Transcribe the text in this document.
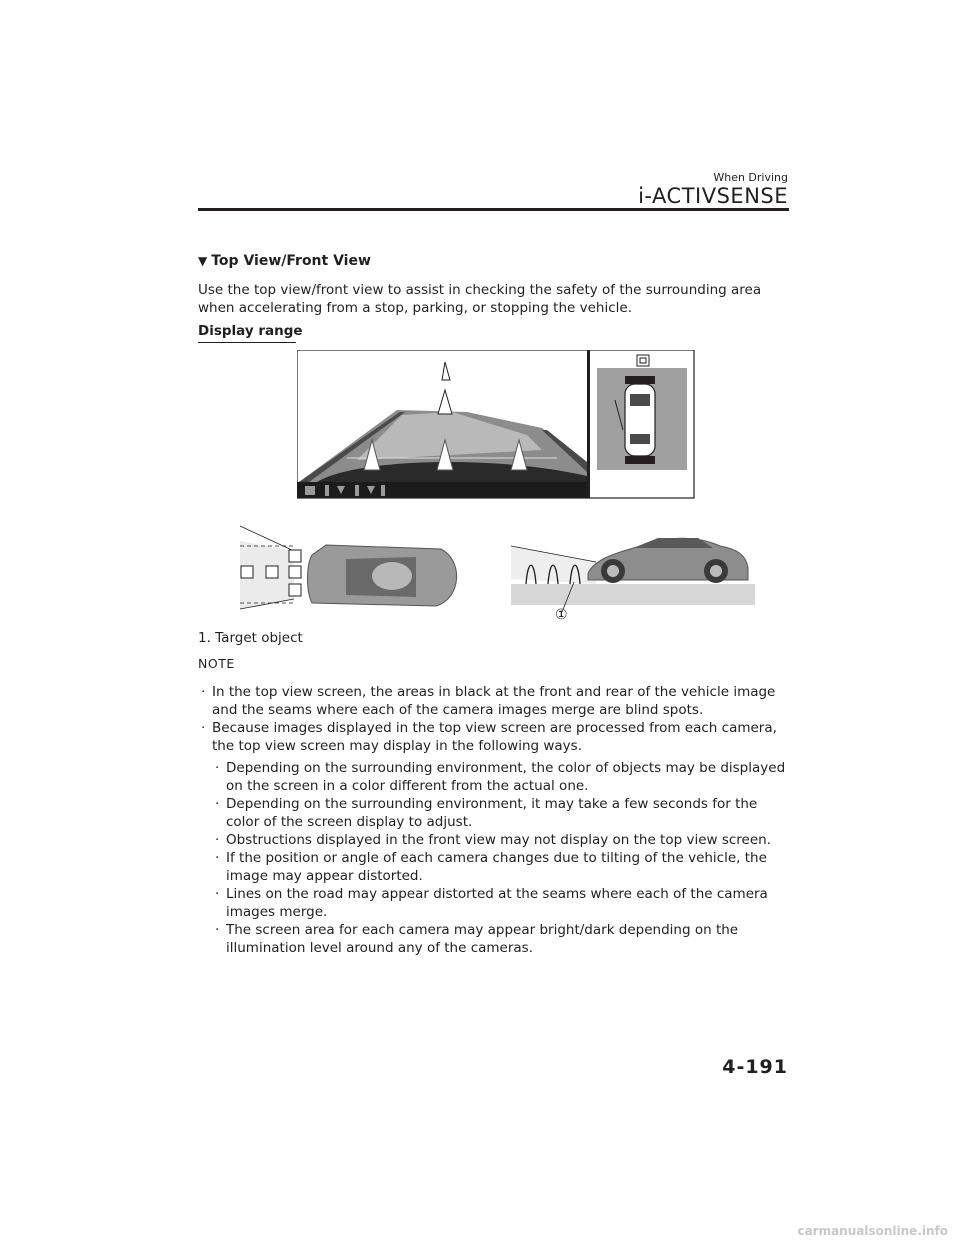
When Driving
i-ACTIVSENSE
▼ Top View/Front View
Use the top view/front view to assist in checking the safety of the surrounding area when accelerating from a stop, parking, or stopping the vehicle.
Display range
①
1. Target object
NOTE
· In the top view screen, the areas in black at the front and rear of the vehicle image and the seams where each of the camera images merge are blind spots.
· Because images displayed in the top view screen are processed from each camera, the top view screen may display in the following ways.
· Depending on the surrounding environment, the color of objects may be displayed on the screen in a color different from the actual one.
· Depending on the surrounding environment, it may take a few seconds for the color of the screen display to adjust.
· Obstructions displayed in the front view may not display on the top view screen.
· If the position or angle of each camera changes due to tilting of the vehicle, the image may appear distorted.
· Lines on the road may appear distorted at the seams where each of the camera images merge.
· The screen area for each camera may appear bright/dark depending on the illumination level around any of the cameras.
4-191
carmanualsonline.info
